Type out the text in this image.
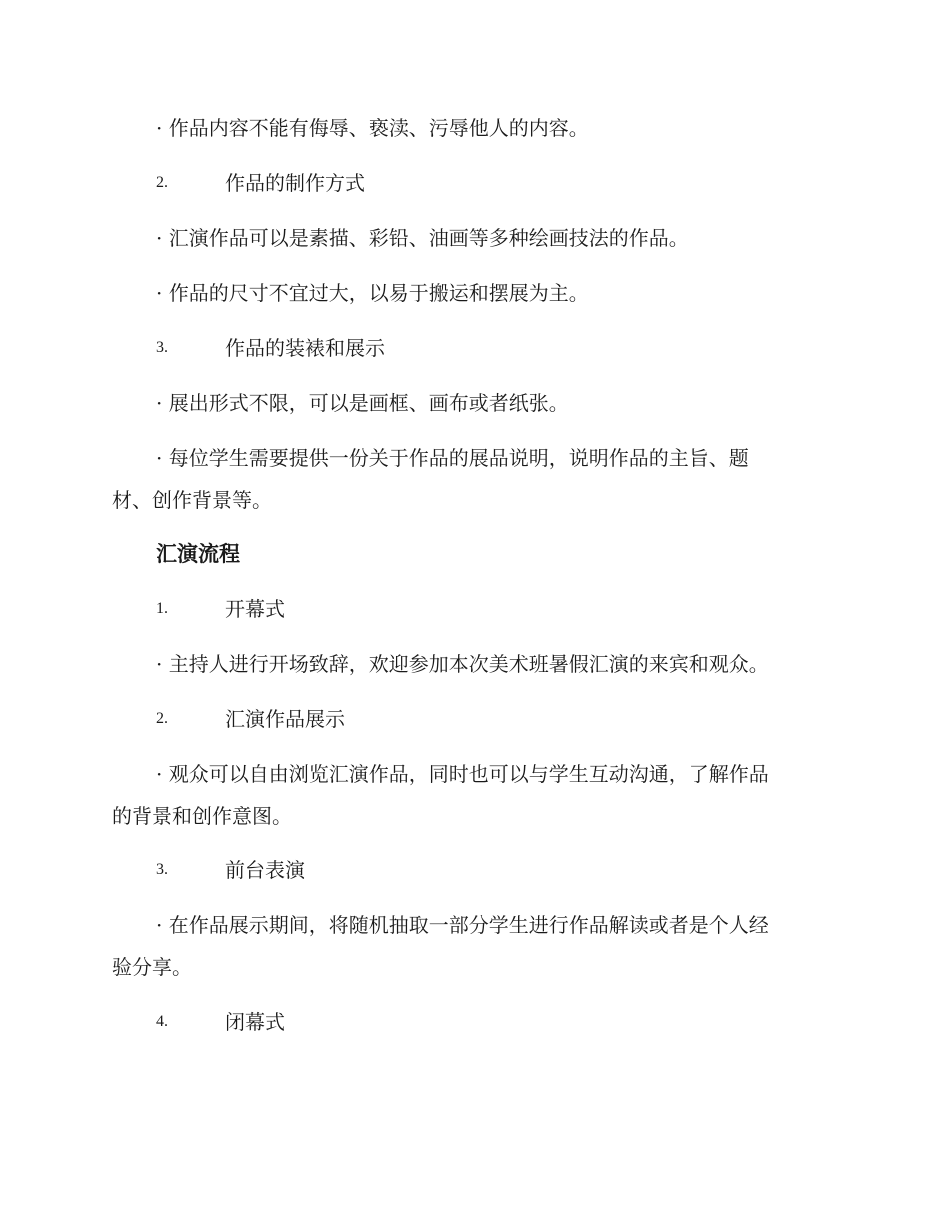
· 作品内容不能有侮辱、亵渎、污辱他人的内容。
2.	作品的制作方式
· 汇演作品可以是素描、彩铅、油画等多种绘画技法的作品。
· 作品的尺寸不宜过大，以易于搬运和摆展为主。
3.	作品的装裱和展示
· 展出形式不限，可以是画框、画布或者纸张。
· 每位学生需要提供一份关于作品的展品说明，说明作品的主旨、题
材、创作背景等。
汇演流程
1.	开幕式
· 主持人进行开场致辞，欢迎参加本次美术班暑假汇演的来宾和观众。
2.	汇演作品展示
· 观众可以自由浏览汇演作品，同时也可以与学生互动沟通，了解作品
的背景和创作意图。
3.	前台表演
· 在作品展示期间，将随机抽取一部分学生进行作品解读或者是个人经
验分享。
4.	闭幕式
